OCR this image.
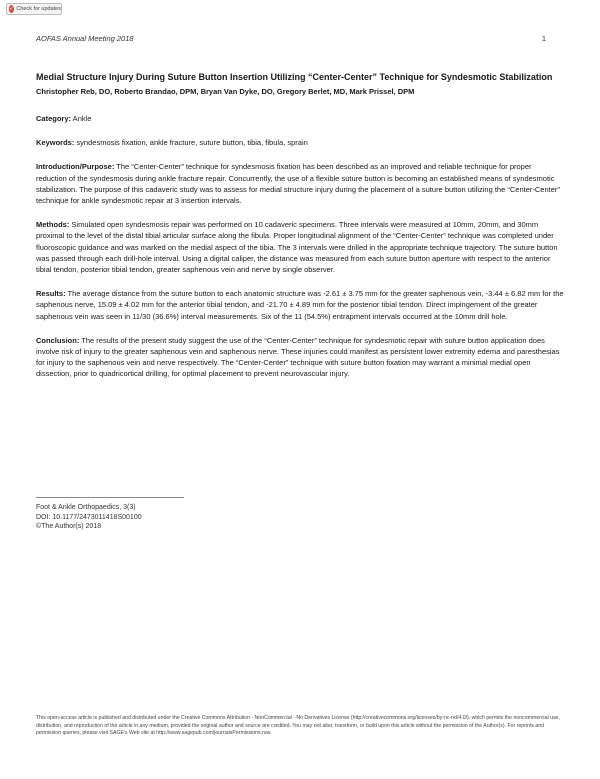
✓ Check for updates
AOFAS Annual Meeting 2018	1

Medial Structure Injury During Suture Button Insertion Utilizing “Center-Center” Technique for Syndesmotic Stabilization

Christopher Reb, DO, Roberto Brandao, DPM, Bryan Van Dyke, DO, Gregory Berlet, MD, Mark Prissel, DPM

Category: Ankle

Keywords: syndesmosis fixation, ankle fracture, suture button, tibia, fibula, sprain

Introduction/Purpose: The “Center-Center” technique for syndesmosis fixation has been described as an improved and reliable technique for proper reduction of the syndesmosis during ankle fracture repair. Concurrently, the use of a flexible suture button is becoming an established means of syndesmotic stabilization. The purpose of this cadaveric study was to assess for medial structure injury during the placement of a suture button utilizing the “Center-Center” technique for ankle syndesmotic repair at 3 insertion intervals.

Methods: Simulated open syndesmosis repair was performed on 10 cadaveric specimens. Three intervals were measured at 10mm, 20mm, and 30mm proximal to the level of the distal tibial articular surface along the fibula. Proper longitudinal alignment of the “Center-Center” technique was completed under fluoroscopic guidance and was marked on the medial aspect of the tibia. The 3 intervals were drilled in the appropriate technique trajectory. The suture button was passed through each drill-hole interval. Using a digital caliper, the distance was measured from each suture button aperture with respect to the anterior tibial tendon, posterior tibial tendon, greater saphenous vein and nerve by single observer.

Results: The average distance from the suture button to each anatomic structure was -2.61 ± 3.75 mm for the greater saphenous vein, -3.44 ± 6.82 mm for the saphenous nerve, 15.09 ± 4.02 mm for the anterior tibial tendon, and -21.70 ± 4.89 mm for the posterior tibial tendon. Direct impingement of the greater saphenous vein was seen in 11/30 (36.6%) interval measurements. Six of the 11 (54.5%) entrapment intervals occurred at the 10mm drill hole.

Conclusion: The results of the present study suggest the use of the “Center-Center” technique for syndesmotic repair with suture button application does involve risk of injury to the greater saphenous vein and saphenous nerve. These injuries could manifest as persistent lower extremity edema and paresthesias for injury to the saphenous vein and nerve respectively. The “Center-Center” technique with suture button fixation may warrant a minimal medial open dissection, prior to quadricortical drilling, for optimal placement to prevent neurovascular injury.

Foot & Ankle Orthopaedics, 3(3)
DOI: 10.1177/2473011418S00100
©The Author(s) 2018
This open-access article is published and distributed under the Creative Commons Attribution - NonCommercial - No Derivatives License (http://creativecommons.org/licenses/by-nc-nd/4.0/), which permits the noncommercial use, distribution, and reproduction of the article in any medium, provided the original author and source are credited. You may not alter, transform, or build upon this article without the permission of the Author(s). For reprints and permission queries, please visit SAGE's Web site at http://www.sagepub.com/journalsPermissions.nav.
